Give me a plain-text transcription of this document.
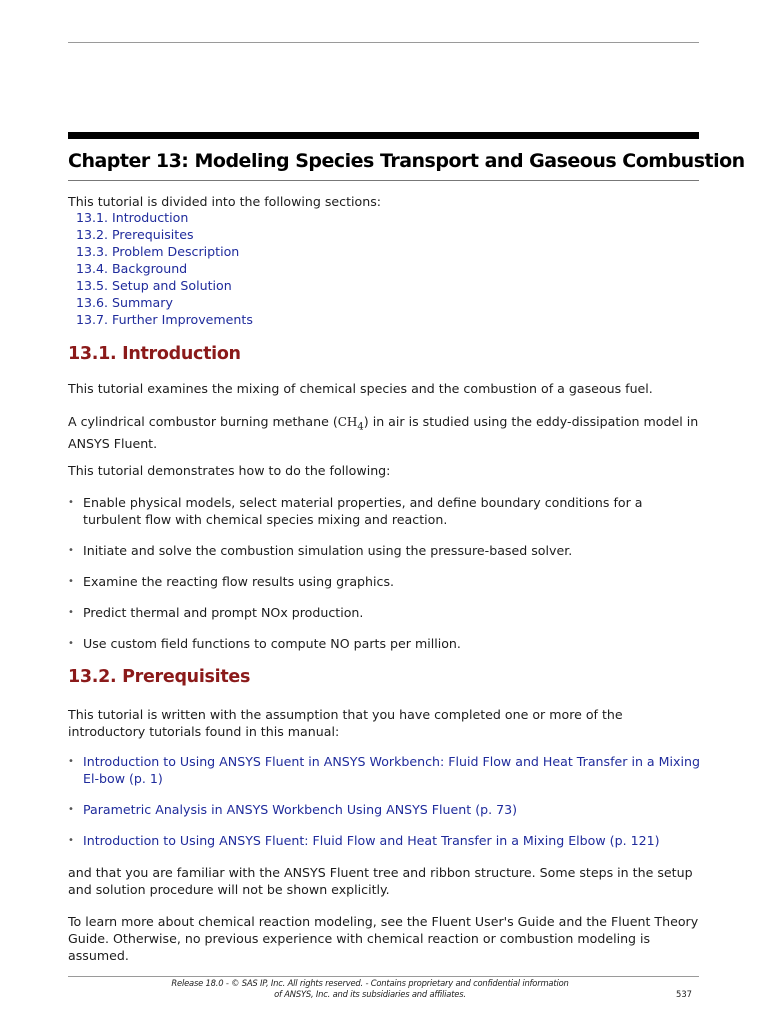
Chapter 13: Modeling Species Transport and Gaseous Combustion

This tutorial is divided into the following sections:

13.1. Introduction
13.2. Prerequisites
13.3. Problem Description
13.4. Background
13.5. Setup and Solution
13.6. Summary
13.7. Further Improvements
13.1. Introduction

This tutorial examines the mixing of chemical species and the combustion of a gaseous fuel.

A cylindrical combustor burning methane $(CH_4)$ in air is studied using the eddy-dissipation model in ANSYS Fluent.

This tutorial demonstrates how to do the following:

• Enable physical models, select material properties, and define boundary conditions for a turbulent flow with chemical species mixing and reaction.
• Initiate and solve the combustion simulation using the pressure-based solver.
• Examine the reacting flow results using graphics.
• Predict thermal and prompt NOx production.
• Use custom field functions to compute NO parts per million.
13.2. Prerequisites

This tutorial is written with the assumption that you have completed one or more of the introductory tutorials found in this manual:

• Introduction to Using ANSYS Fluent in ANSYS Workbench: Fluid Flow and Heat Transfer in a Mixing El-bow (p. 1)
• Parametric Analysis in ANSYS Workbench Using ANSYS Fluent (p. 73)
• Introduction to Using ANSYS Fluent: Fluid Flow and Heat Transfer in a Mixing Elbow (p. 121)

and that you are familiar with the ANSYS Fluent tree and ribbon structure. Some steps in the setup and solution procedure will not be shown explicitly.

To learn more about chemical reaction modeling, see the Fluent User's Guide and the Fluent Theory Guide. Otherwise, no previous experience with chemical reaction or combustion modeling is assumed.

Release 18.0 - © SAS IP, Inc. All rights reserved. - Contains proprietary and confidential information
of ANSYS, Inc. and its subsidiaries and affiliates.	537
